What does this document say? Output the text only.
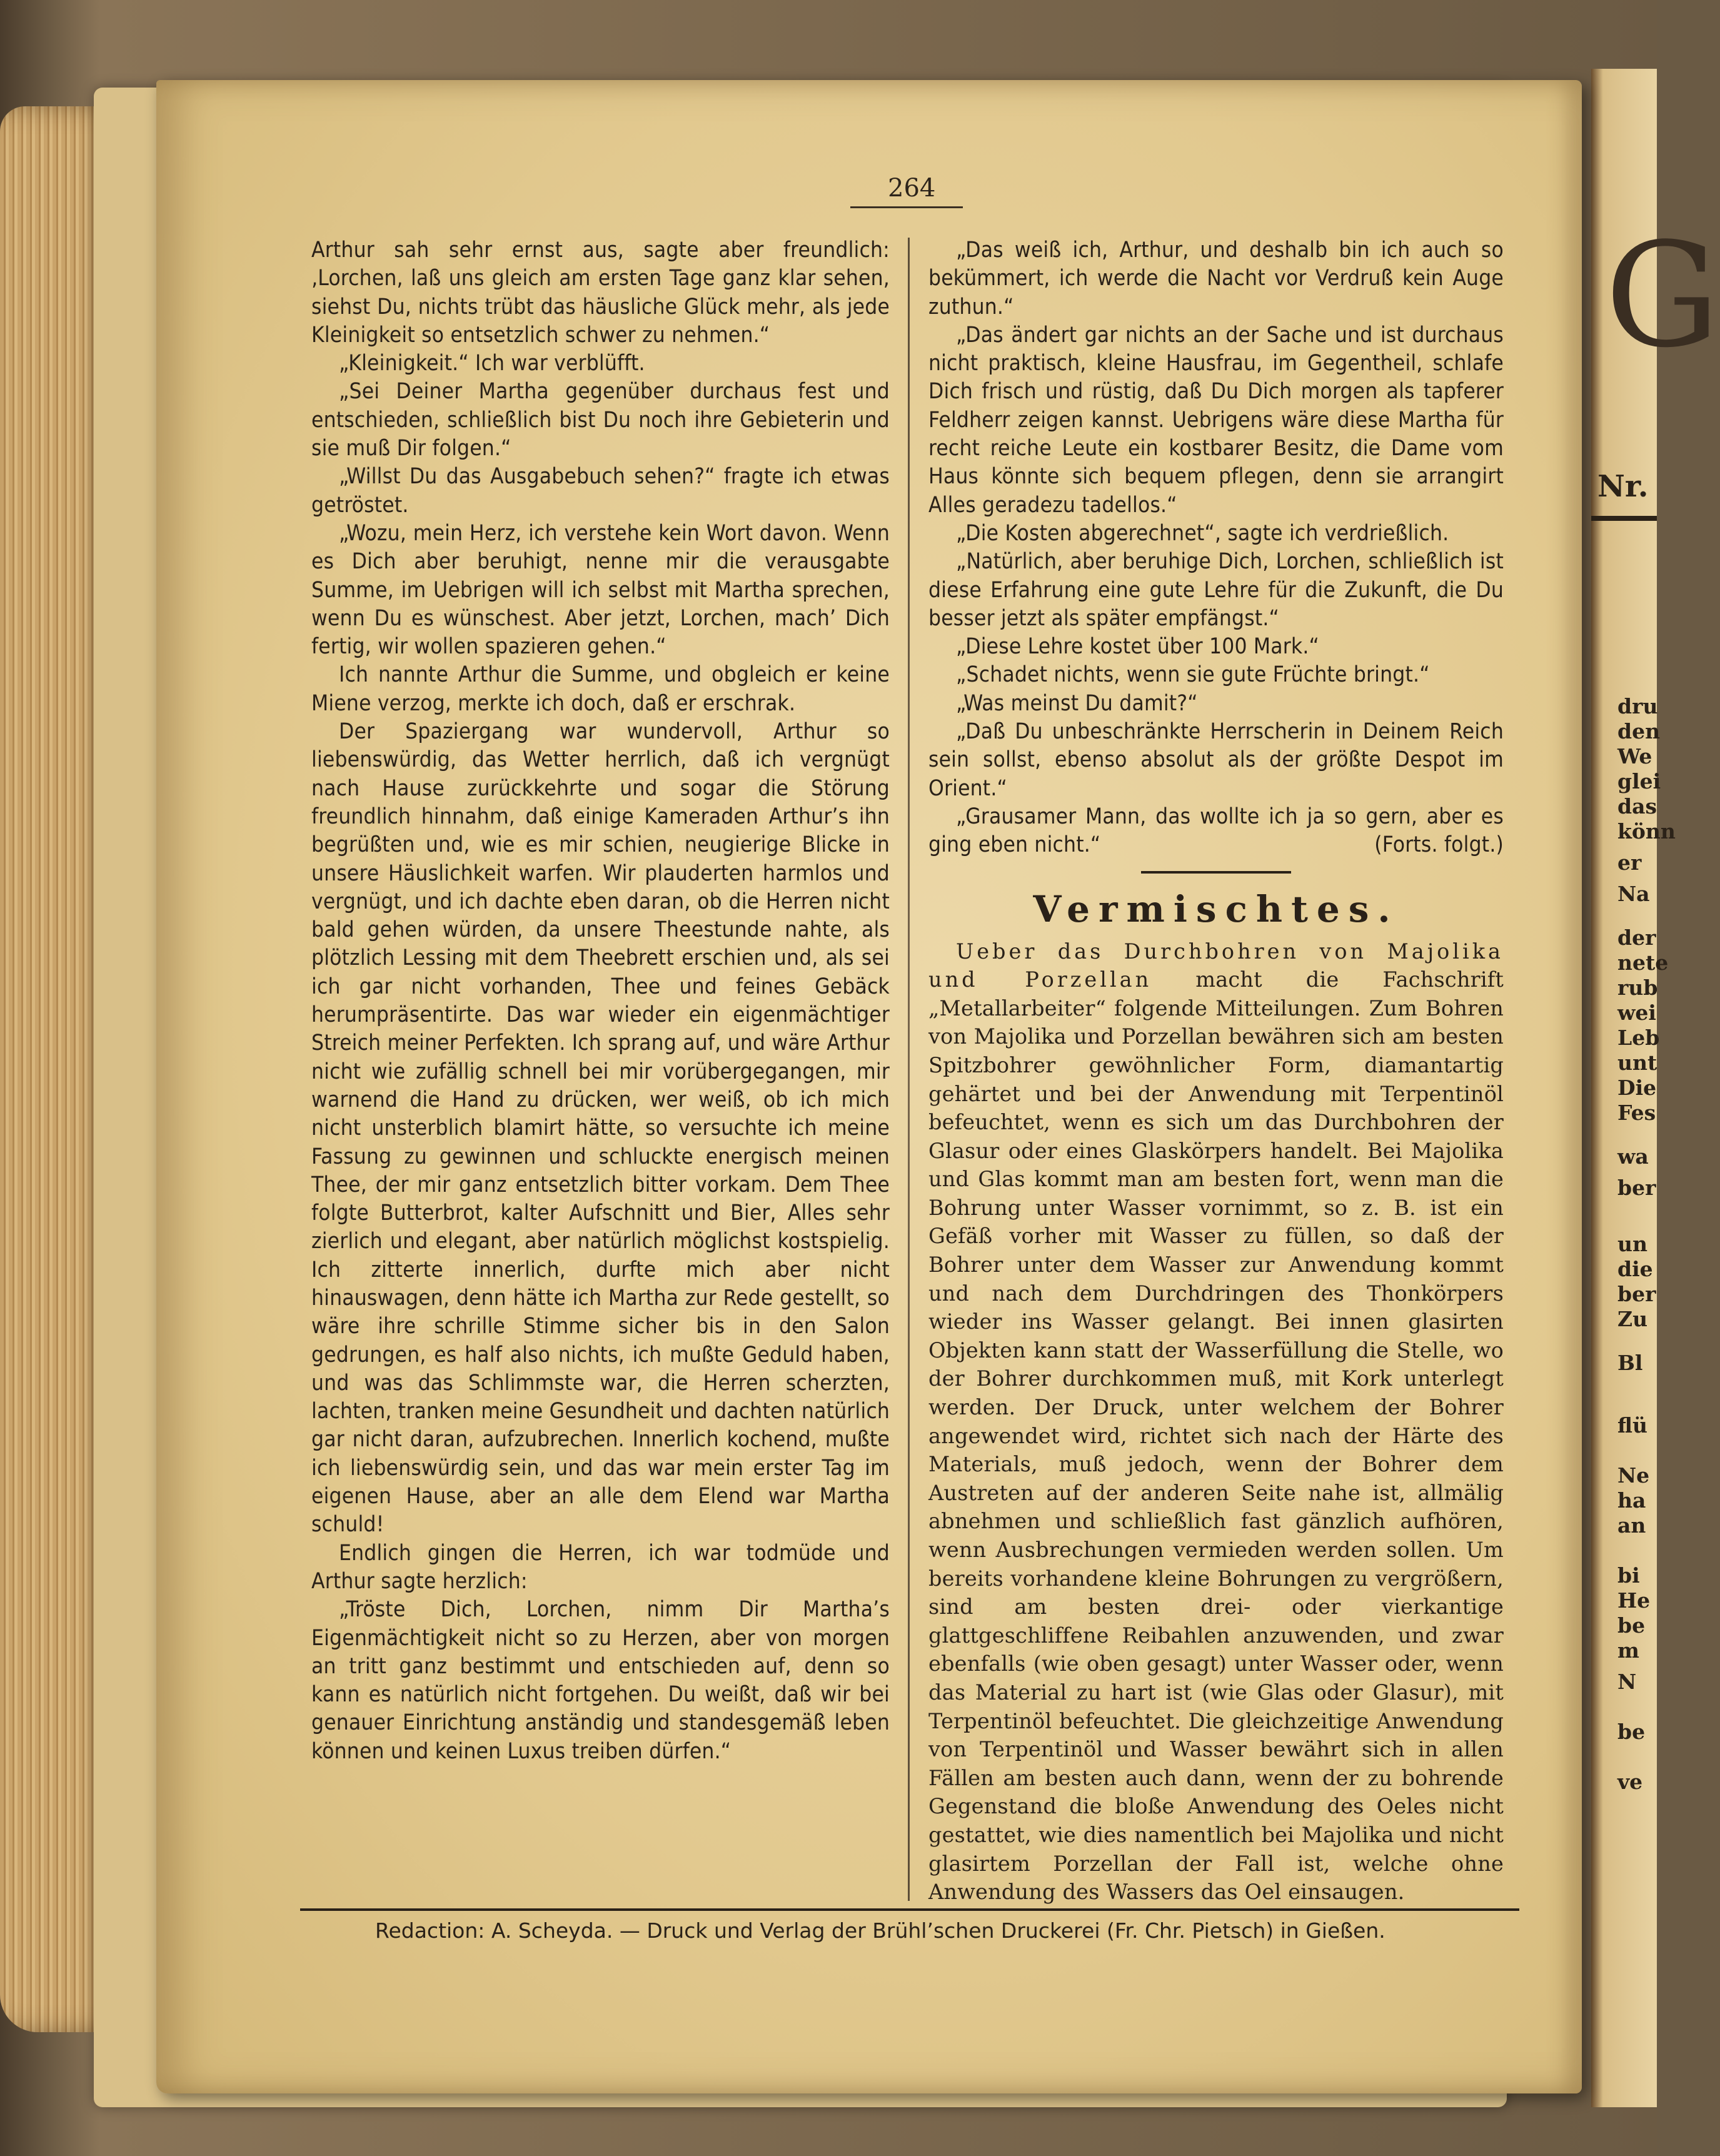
G
Nr.
dru
den
We
glei
das
könn
er
Na
der
nete
rub
wei
Leb
unt
Die
Fes
wa
ber
un
die
ber
Zu
Bl
flü
Ne
ha
an
bi
He
be
m
N
be
ve
264

Arthur sah sehr ernst aus, sagte aber freundlich: ‚Lorchen, laß uns gleich am ersten Tage ganz klar sehen, siehst Du, nichts trübt das häusliche Glück mehr, als jede Kleinigkeit so entsetzlich schwer zu nehmen.“

„Kleinigkeit.“ Ich war verblüfft.

„Sei Deiner Martha gegenüber durchaus fest und entschieden, schließlich bist Du noch ihre Gebieterin und sie muß Dir folgen.“

„Willst Du das Ausgabebuch sehen?“ fragte ich etwas getröstet.

„Wozu, mein Herz, ich verstehe kein Wort davon. Wenn es Dich aber beruhigt, nenne mir die verausgabte Summe, im Uebrigen will ich selbst mit Martha sprechen, wenn Du es wünschest. Aber jetzt, Lorchen, mach’ Dich fertig, wir wollen spazieren gehen.“

Ich nannte Arthur die Summe, und obgleich er keine Miene verzog, merkte ich doch, daß er erschrak.

Der Spaziergang war wundervoll, Arthur so liebenswürdig, das Wetter herrlich, daß ich vergnügt nach Hause zurückkehrte und sogar die Störung freundlich hinnahm, daß einige Kameraden Arthur’s ihn begrüßten und, wie es mir schien, neugierige Blicke in unsere Häuslichkeit warfen. Wir plauderten harmlos und vergnügt, und ich dachte eben daran, ob die Herren nicht bald gehen würden, da unsere Theestunde nahte, als plötzlich Lessing mit dem Theebrett erschien und, als sei ich gar nicht vorhanden, Thee und feines Gebäck herumpräsentirte. Das war wieder ein eigenmächtiger Streich meiner Perfekten. Ich sprang auf, und wäre Arthur nicht wie zufällig schnell bei mir vorübergegangen, mir warnend die Hand zu drücken, wer weiß, ob ich mich nicht unsterblich blamirt hätte, so versuchte ich meine Fassung zu gewinnen und schluckte energisch meinen Thee, der mir ganz entsetzlich bitter vorkam. Dem Thee folgte Butterbrot, kalter Aufschnitt und Bier, Alles sehr zierlich und elegant, aber natürlich möglichst kostspielig. Ich zitterte innerlich, durfte mich aber nicht hinauswagen, denn hätte ich Martha zur Rede gestellt, so wäre ihre schrille Stimme sicher bis in den Salon gedrungen, es half also nichts, ich mußte Geduld haben, und was das Schlimmste war, die Herren scherzten, lachten, tranken meine Gesundheit und dachten natürlich gar nicht daran, aufzubrechen. Innerlich kochend, mußte ich liebenswürdig sein, und das war mein erster Tag im eigenen Hause, aber an alle dem Elend war Martha schuld!

Endlich gingen die Herren, ich war todmüde und Arthur sagte herzlich:

„Tröste Dich, Lorchen, nimm Dir Martha’s Eigenmächtigkeit nicht so zu Herzen, aber von morgen an tritt ganz bestimmt und entschieden auf, denn so kann es natürlich nicht fortgehen. Du weißt, daß wir bei genauer Einrichtung anständig und standesgemäß leben können und keinen Luxus treiben dürfen.“

„Das weiß ich, Arthur, und deshalb bin ich auch so bekümmert, ich werde die Nacht vor Verdruß kein Auge zuthun.“

„Das ändert gar nichts an der Sache und ist durchaus nicht praktisch, kleine Hausfrau, im Gegentheil, schlafe Dich frisch und rüstig, daß Du Dich morgen als tapferer Feldherr zeigen kannst. Uebrigens wäre diese Martha für recht reiche Leute ein kostbarer Besitz, die Dame vom Haus könnte sich bequem pflegen, denn sie arrangirt Alles geradezu tadellos.“

„Die Kosten abgerechnet“, sagte ich verdrießlich.

„Natürlich, aber beruhige Dich, Lorchen, schließlich ist diese Erfahrung eine gute Lehre für die Zukunft, die Du besser jetzt als später empfängst.“

„Diese Lehre kostet über 100 Mark.“

„Schadet nichts, wenn sie gute Früchte bringt.“

„Was meinst Du damit?“

„Daß Du unbeschränkte Herrscherin in Deinem Reich sein sollst, ebenso absolut als der größte Despot im Orient.“

„Grausamer Mann, das wollte ich ja so gern, aber es ging eben nicht.“	(Forts. folgt.)

Vermischtes.

Ueber das Durchbohren von Majolika und Porzellan macht die Fachschrift „Metallarbeiter“ folgende Mitteilungen. Zum Bohren von Majolika und Porzellan bewähren sich am besten Spitzbohrer gewöhnlicher Form, diamantartig gehärtet und bei der Anwendung mit Terpentinöl befeuchtet, wenn es sich um das Durchbohren der Glasur oder eines Glaskörpers handelt. Bei Majolika und Glas kommt man am besten fort, wenn man die Bohrung unter Wasser vornimmt, so z. B. ist ein Gefäß vorher mit Wasser zu füllen, so daß der Bohrer unter dem Wasser zur Anwendung kommt und nach dem Durchdringen des Thonkörpers wieder ins Wasser gelangt. Bei innen glasirten Objekten kann statt der Wasserfüllung die Stelle, wo der Bohrer durchkommen muß, mit Kork unterlegt werden. Der Druck, unter welchem der Bohrer angewendet wird, richtet sich nach der Härte des Materials, muß jedoch, wenn der Bohrer dem Austreten auf der anderen Seite nahe ist, allmälig abnehmen und schließlich fast gänzlich aufhören, wenn Ausbrechungen vermieden werden sollen. Um bereits vorhandene kleine Bohrungen zu vergrößern, sind am besten drei- oder vierkantige glattgeschliffene Reibahlen anzuwenden, und zwar ebenfalls (wie oben gesagt) unter Wasser oder, wenn das Material zu hart ist (wie Glas oder Glasur), mit Terpentinöl befeuchtet. Die gleichzeitige Anwendung von Terpentinöl und Wasser bewährt sich in allen Fällen am besten auch dann, wenn der zu bohrende Gegenstand die bloße Anwendung des Oeles nicht gestattet, wie dies namentlich bei Majolika und nicht glasirtem Porzellan der Fall ist, welche ohne Anwendung des Wassers das Oel einsaugen.

Redaction: A. Scheyda. — Druck und Verlag der Brühl’schen Druckerei (Fr. Chr. Pietsch) in Gießen.
